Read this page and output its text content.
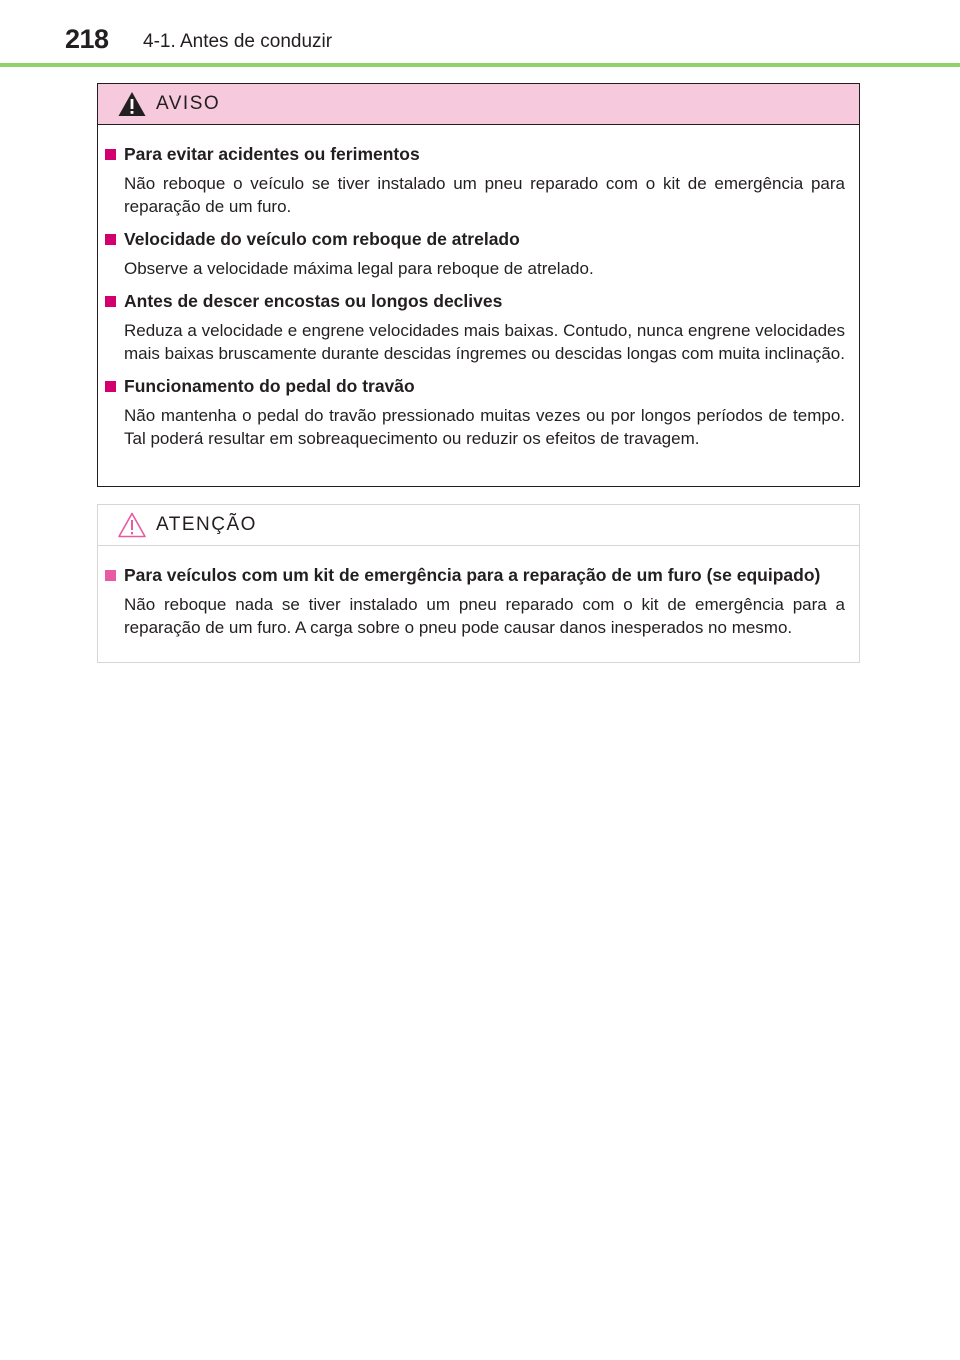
218 4-1. Antes de conduzir
AVISO
Para evitar acidentes ou ferimentos
Não reboque o veículo se tiver instalado um pneu reparado com o kit de emergência para reparação de um furo.
Velocidade do veículo com reboque de atrelado
Observe a velocidade máxima legal para reboque de atrelado.
Antes de descer encostas ou longos declives
Reduza a velocidade e engrene velocidades mais baixas. Contudo, nunca engrene velocidades mais baixas bruscamente durante descidas íngremes ou descidas longas com muita inclinação.
Funcionamento do pedal do travão
Não mantenha o pedal do travão pressionado muitas vezes ou por longos períodos de tempo. Tal poderá resultar em sobreaquecimento ou reduzir os efeitos de travagem.
ATENÇÃO
Para veículos com um kit de emergência para a reparação de um furo (se equipado)
Não reboque nada se tiver instalado um pneu reparado com o kit de emergência para a reparação de um furo. A carga sobre o pneu pode causar danos inesperados no mesmo.
